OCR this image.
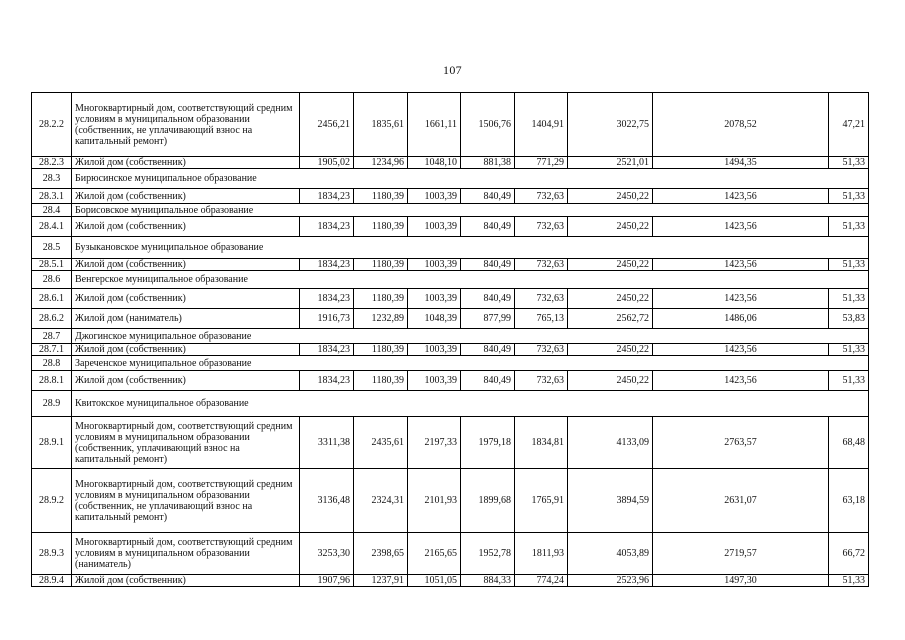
107
28.2.2	Многоквартирный дом, соответствующий средним условиям в муниципальном образовании (собственник, не уплачивающий взнос на капитальный ремонт)	2456,21	1835,61	1661,11	1506,76	1404,91	3022,75	2078,52	47,21
28.2.3	Жилой дом (собственник)	1905,02	1234,96	1048,10	881,38	771,29	2521,01	1494,35	51,33
28.3	Бирюсинское муниципальное образование								
28.3.1	Жилой дом (собственник)	1834,23	1180,39	1003,39	840,49	732,63	2450,22	1423,56	51,33
28.4	Борисовское муниципальное образование								
28.4.1	Жилой дом (собственник)	1834,23	1180,39	1003,39	840,49	732,63	2450,22	1423,56	51,33
28.5	Бузыкановское муниципальное образование								
28.5.1	Жилой дом (собственник)	1834,23	1180,39	1003,39	840,49	732,63	2450,22	1423,56	51,33
28.6	Венгерское муниципальное образование								
28.6.1	Жилой дом (собственник)	1834,23	1180,39	1003,39	840,49	732,63	2450,22	1423,56	51,33
28.6.2	Жилой дом (наниматель)	1916,73	1232,89	1048,39	877,99	765,13	2562,72	1486,06	53,83
28.7	Джогинское муниципальное образование								
28.7.1	Жилой дом (собственник)	1834,23	1180,39	1003,39	840,49	732,63	2450,22	1423,56	51,33
28.8	Зареченское муниципальное образование								
28.8.1	Жилой дом (собственник)	1834,23	1180,39	1003,39	840,49	732,63	2450,22	1423,56	51,33
28.9	Квитокское муниципальное образование								
28.9.1	Многоквартирный дом, соответствующий средним условиям в муниципальном образовании (собственник, уплачивающий взнос на капитальный ремонт)	3311,38	2435,61	2197,33	1979,18	1834,81	4133,09	2763,57	68,48
28.9.2	Многоквартирный дом, соответствующий средним условиям в муниципальном образовании (собственник, не уплачивающий взнос на капитальный ремонт)	3136,48	2324,31	2101,93	1899,68	1765,91	3894,59	2631,07	63,18
28.9.3	Многоквартирный дом, соответствующий средним условиям в муниципальном образовании (наниматель)	3253,30	2398,65	2165,65	1952,78	1811,93	4053,89	2719,57	66,72
28.9.4	Жилой дом (собственник)	1907,96	1237,91	1051,05	884,33	774,24	2523,96	1497,30	51,33
